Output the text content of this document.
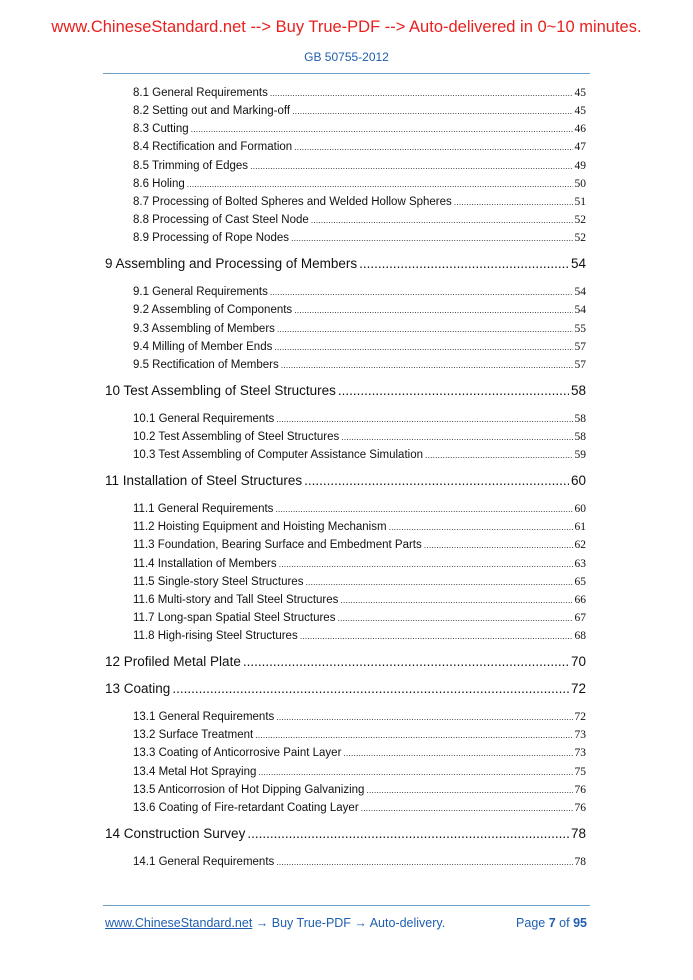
www.ChineseStandard.net --> Buy True-PDF --> Auto-delivered in 0~10 minutes.
GB 50755-2012
8.1 General Requirements .....	45
8.2 Setting out and Marking-off .....	45
8.3 Cutting .....	46
8.4 Rectification and Formation .....	47
8.5 Trimming of Edges .....	49
8.6 Holing .....	50
8.7 Processing of Bolted Spheres and Welded Hollow Spheres .....	51
8.8 Processing of Cast Steel Node .....	52
8.9 Processing of Rope Nodes .....	52
9 Assembling and Processing of Members .....	54
9.1 General Requirements .....	54
9.2 Assembling of Components .....	54
9.3 Assembling of Members .....	55
9.4 Milling of Member Ends .....	57
9.5 Rectification of Members .....	57
10 Test Assembling of Steel Structures .....	58
10.1 General Requirements .....	58
10.2 Test Assembling of Steel Structures .....	58
10.3 Test Assembling of Computer Assistance Simulation .....	59
11 Installation of Steel Structures .....	60
11.1 General Requirements .....	60
11.2 Hoisting Equipment and Hoisting Mechanism .....	61
11.3 Foundation, Bearing Surface and Embedment Parts .....	62
11.4 Installation of Members .....	63
11.5 Single-story Steel Structures .....	65
11.6 Multi-story and Tall Steel Structures .....	66
11.7 Long-span Spatial Steel Structures .....	67
11.8 High-rising Steel Structures .....	68
12 Profiled Metal Plate .....	70
13 Coating .....	72
13.1 General Requirements .....	72
13.2 Surface Treatment .....	73
13.3 Coating of Anticorrosive Paint Layer .....	73
13.4 Metal Hot Spraying .....	75
13.5 Anticorrosion of Hot Dipping Galvanizing .....	76
13.6 Coating of Fire-retardant Coating Layer .....	76
14 Construction Survey .....	78
14.1 General Requirements .....	78
www.ChineseStandard.net → Buy True-PDF → Auto-delivery.	Page 7 of 95
